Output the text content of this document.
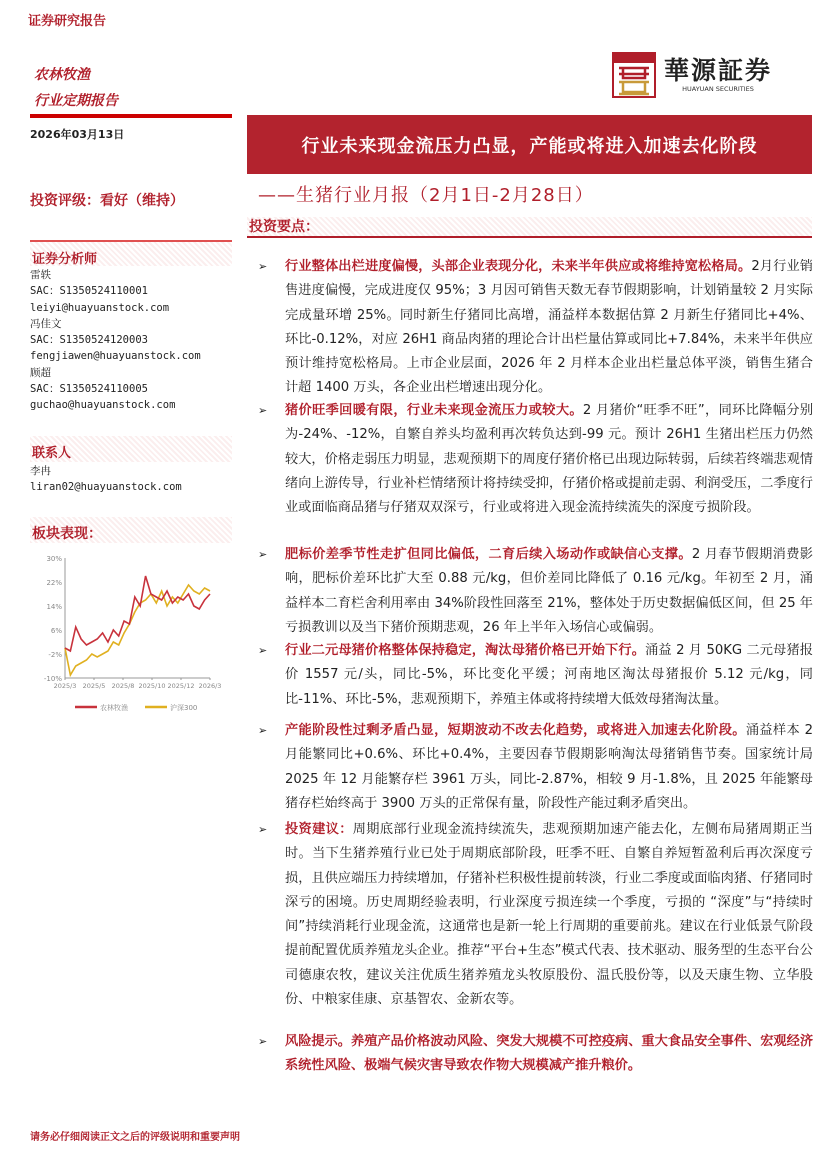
证券研究报告
农林牧渔
行业定期报告
2026年03月13日
投资评级：看好（维持）
華源証券
HUAYUAN SECURITIES
行业未来现金流压力凸显，产能或将进入加速去化阶段
——生猪行业月报（2月1日-2月28日）
投资要点：
证券分析师
雷轶
SAC：S1350524110001
leiyi@huayuanstock.com
冯佳文
SAC：S1350524120003
fengjiawen@huayuanstock.com
顾超
SAC：S1350524110005
guchao@huayuanstock.com
联系人
李冉
liran02@huayuanstock.com
板块表现：
30%
22%
14%
6%
-2%
-10%
2025/3 2025/5 2025/8 2025/10 2025/12 2026/3
农林牧渔	沪深300
➢ 行业整体出栏进度偏慢，头部企业表现分化，未来半年供应或将维持宽松格局。2月行业销售进度偏慢，完成进度仅 95%；3 月因可销售天数无春节假期影响，计划销量较 2 月实际完成量环增 25%。同时新生仔猪同比高增，涌益样本数据估算 2 月新生仔猪同比+4%、环比-0.12%，对应 26H1 商品肉猪的理论合计出栏量估算或同比+7.84%，未来半年供应预计维持宽松格局。上市企业层面，2026 年 2 月样本企业出栏量总体平淡，销售生猪合计超 1400 万头，各企业出栏增速出现分化。
➢ 猪价旺季回暖有限，行业未来现金流压力或较大。2 月猪价“旺季不旺”，同环比降幅分别为-24%、-12%，自繁自养头均盈利再次转负达到-99 元。预计 26H1 生猪出栏压力仍然较大，价格走弱压力明显，悲观预期下的周度仔猪价格已出现边际转弱，后续若终端悲观情绪向上游传导，行业补栏情绪预计将持续受抑，仔猪价格或提前走弱、利润受压，二季度行业或面临商品猪与仔猪双双深亏，行业或将进入现金流持续流失的深度亏损阶段。
➢ 肥标价差季节性走扩但同比偏低，二育后续入场动作或缺信心支撑。2 月春节假期消费影响，肥标价差环比扩大至 0.88 元/kg，但价差同比降低了 0.16 元/kg。年初至 2 月，涌益样本二育栏舍利用率由 34%阶段性回落至 21%，整体处于历史数据偏低区间，但 25 年亏损教训以及当下猪价预期悲观，26 年上半年入场信心或偏弱。
➢ 行业二元母猪价格整体保持稳定，淘汰母猪价格已开始下行。涌益 2 月 50KG 二元母猪报价 1557 元/头，同比-5%，环比变化平缓；河南地区淘汰母猪报价 5.12 元/kg，同比-11%、环比-5%，悲观预期下，养殖主体或将持续增大低效母猪淘汰量。
➢ 产能阶段性过剩矛盾凸显，短期波动不改去化趋势，或将进入加速去化阶段。涌益样本 2 月能繁同比+0.6%、环比+0.4%，主要因春节假期影响淘汰母猪销售节奏。国家统计局 2025 年 12 月能繁存栏 3961 万头，同比-2.87%，相较 9 月-1.8%，且 2025 年能繁母猪存栏始终高于 3900 万头的正常保有量，阶段性产能过剩矛盾突出。
➢ 投资建议：周期底部行业现金流持续流失，悲观预期加速产能去化，左侧布局猪周期正当时。当下生猪养殖行业已处于周期底部阶段，旺季不旺、自繁自养短暂盈利后再次深度亏损，且供应端压力持续增加，仔猪补栏积极性提前转淡，行业二季度或面临肉猪、仔猪同时深亏的困境。历史周期经验表明，行业深度亏损连续一个季度，亏损的 “深度”与“持续时间”持续消耗行业现金流，这通常也是新一轮上行周期的重要前兆。建议在行业低景气阶段提前配置优质养殖龙头企业。推荐“平台+生态”模式代表、技术驱动、服务型的生态平台公司德康农牧，建议关注优质生猪养殖龙头牧原股份、温氏股份等，以及天康生物、立华股份、中粮家佳康、京基智农、金新农等。
➢ 风险提示。养殖产品价格波动风险、突发大规模不可控疫病、重大食品安全事件、宏观经济系统性风险、极端气候灾害导致农作物大规模减产推升粮价。
请务必仔细阅读正文之后的评级说明和重要声明
